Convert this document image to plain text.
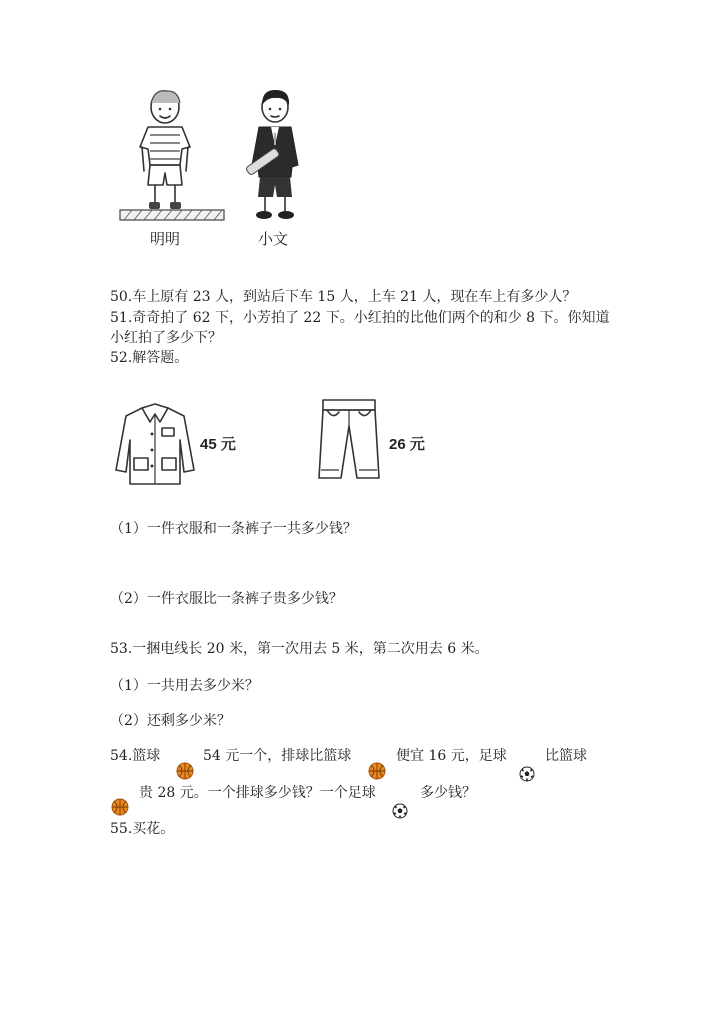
明明	小文
50.车上原有 23 人，到站后下车 15 人，上车 21 人，现在车上有多少人？
51.奇奇拍了 62 下，小芳拍了 22 下。小红拍的比他们两个的和少 8 下。你知道
小红拍了多少下？
52.解答题。
45 元	26 元
（1）一件衣服和一条裤子一共多少钱？
（2）一件衣服比一条裤子贵多少钱？
53.一捆电线长 20 米，第一次用去 5 米，第二次用去 6 米。
（1）一共用去多少米？
（2）还剩多少米？
54.篮球	54 元一个，排球比篮球	便宜 16 元，足球	比篮球
贵 28 元。一个排球多少钱？一个足球	多少钱？
55.买花。
